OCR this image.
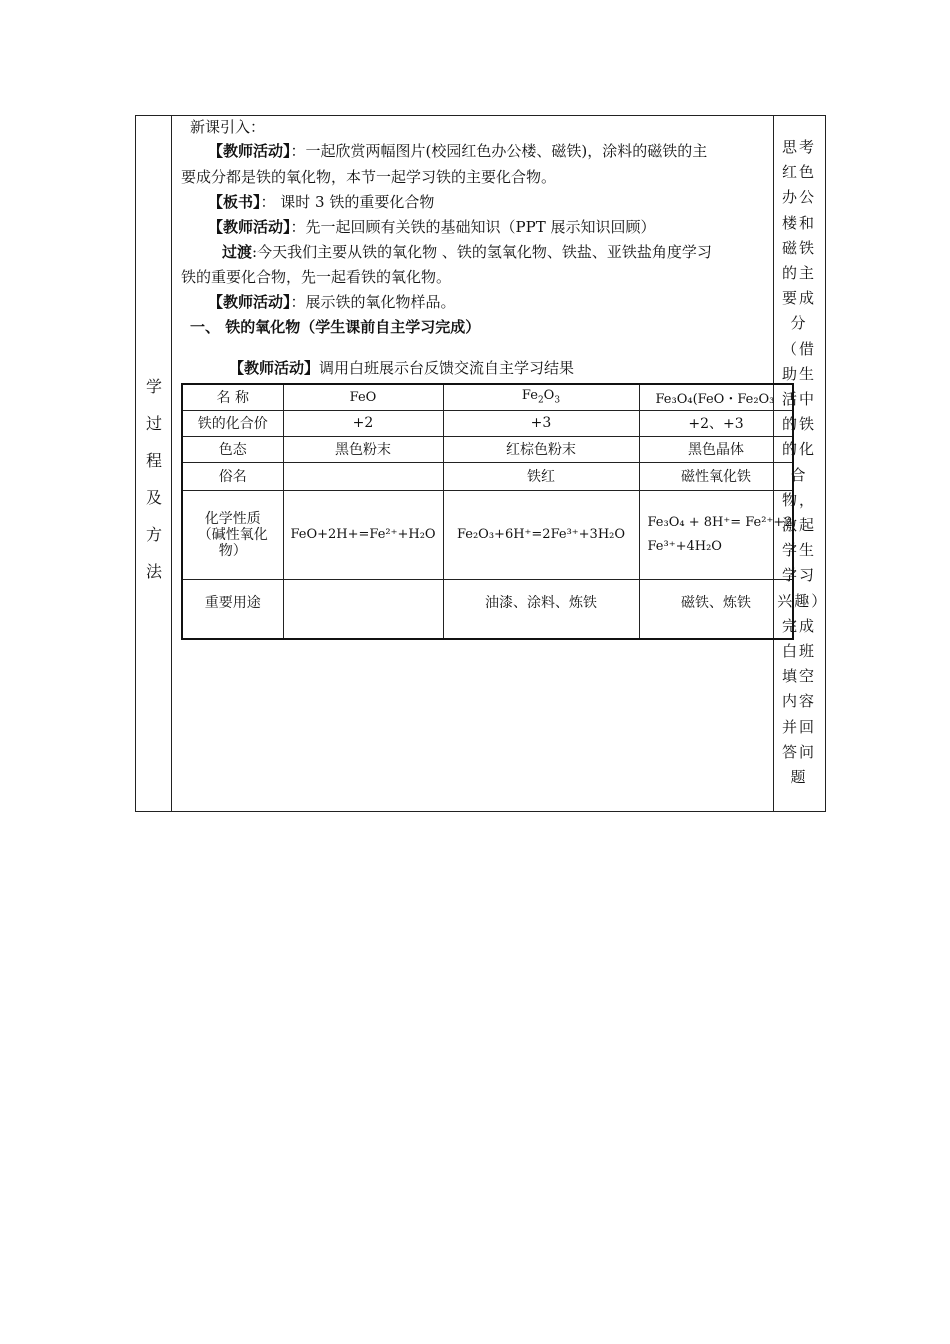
学
过
程
及
方
法
思考红色办公楼和磁铁的主要成分（借助生活中的铁的化合物，激起学生学习兴趣）完成白班填空内容并回答问题
新课引入：
【教师活动】：一起欣赏两幅图片(校园红色办公楼、磁铁)，涂料的磁铁的主
要成分都是铁的氧化物，本节一起学习铁的主要化合物。
【板书】： 课时 3 铁的重要化合物
【教师活动】：先一起回顾有关铁的基础知识（PPT 展示知识回顾）
过渡:今天我们主要从铁的氧化物 、铁的氢氧化物、铁盐、亚铁盐角度学习
铁的重要化合物，先一起看铁的氧化物。
【教师活动】：展示铁的氧化物样品。
一、 铁的氧化物（学生课前自主学习完成）
【教师活动】调用白班展示台反馈交流自主学习结果
名 称	FeO	$Fe_2O_3$	Fe₃O₄(FeO・Fe₂O₃
铁的化合价	+2	+3	+2、+3
色态	黑色粉末	红棕色粉末	黑色晶体
俗名		铁红	磁性氧化铁
化学性质（碱性氧化物）	FeO+2H+=Fe²⁺+H₂O	Fe₂O₃+6H⁺=2Fe³⁺+3H₂O	Fe₃O₄ + 8H⁺= Fe²⁺+2
Fe³⁺+4H₂O

重要用途		油漆、涂料、炼铁	磁铁、炼铁
